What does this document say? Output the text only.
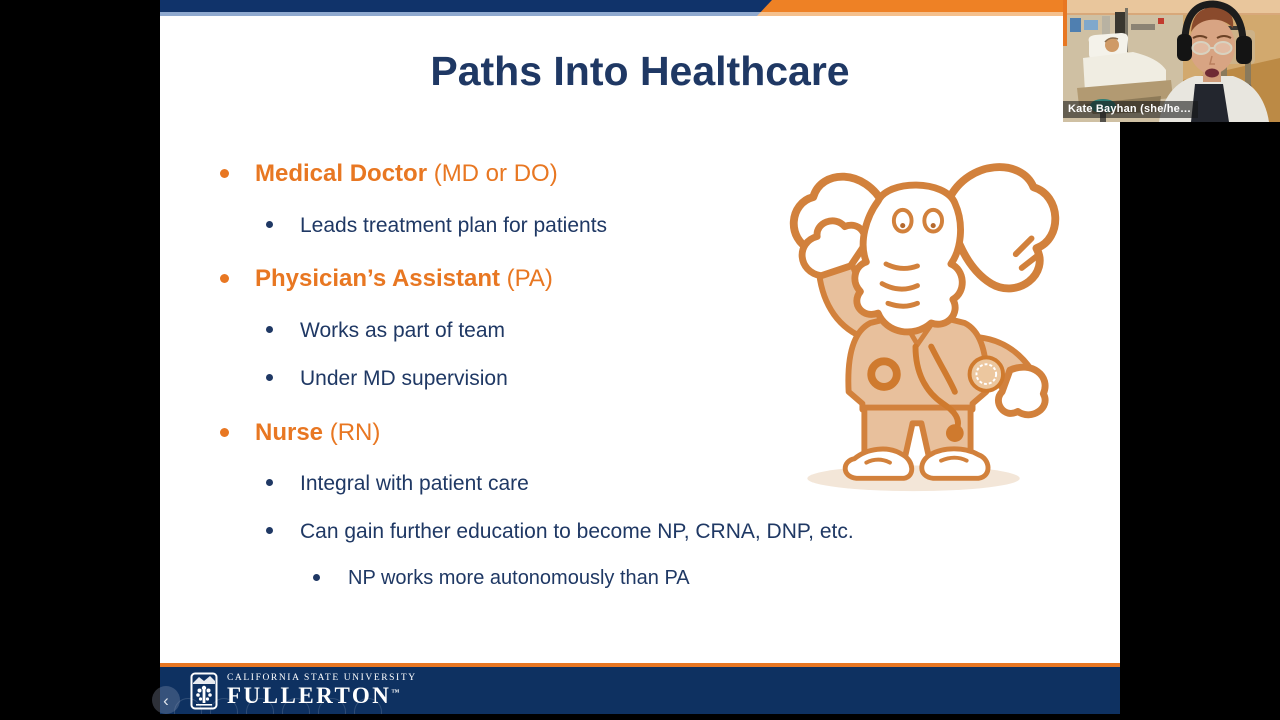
Paths Into Healthcare
Medical Doctor (MD or DO)
Leads treatment plan for patients
Physician’s Assistant (PA)
Works as part of team
Under MD supervision
Nurse (RN)
Integral with patient care
Can gain further education to become NP, CRNA, DNP, etc.
NP works more autonomously than PA
CALIFORNIA STATE UNIVERSITY
FULLERTON™
Kate Bayhan (she/he…
‹
